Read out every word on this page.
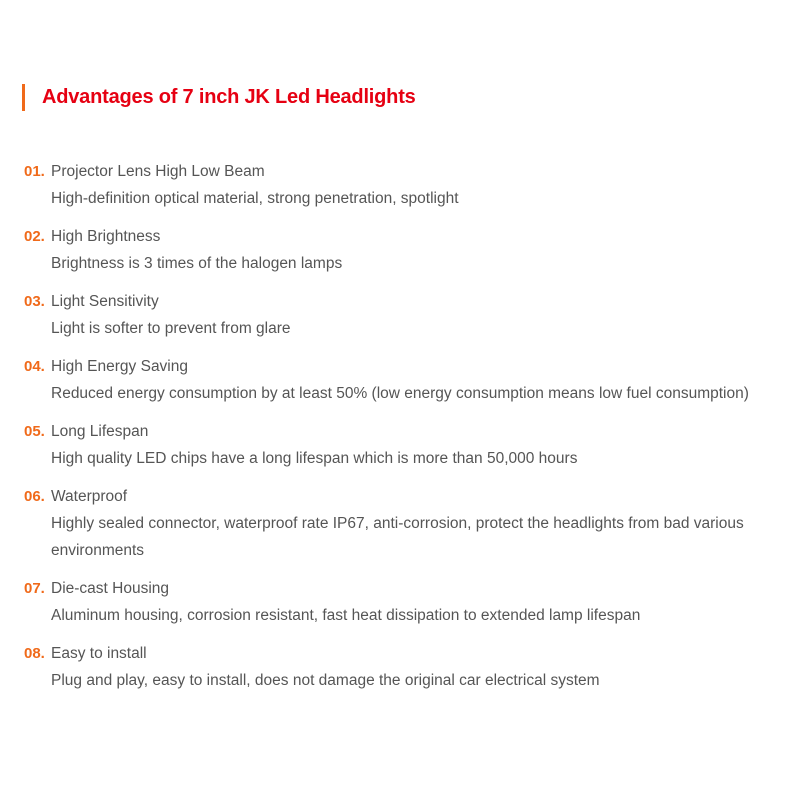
Advantages of 7 inch JK Led Headlights
01. Projector Lens High Low Beam
High-definition optical material, strong penetration, spotlight
02. High Brightness
Brightness is 3 times of the halogen lamps
03. Light Sensitivity
Light is softer to prevent from glare
04. High Energy Saving
Reduced energy consumption by at least 50% (low energy consumption means low fuel consumption)
05. Long Lifespan
High quality LED chips have a long lifespan which is more than 50,000 hours
06. Waterproof
Highly sealed connector, waterproof rate IP67, anti-corrosion, protect the headlights from bad various environments
07. Die-cast Housing
Aluminum housing, corrosion resistant, fast heat dissipation to extended lamp lifespan
08. Easy to install
Plug and play, easy to install, does not damage the original car electrical system
